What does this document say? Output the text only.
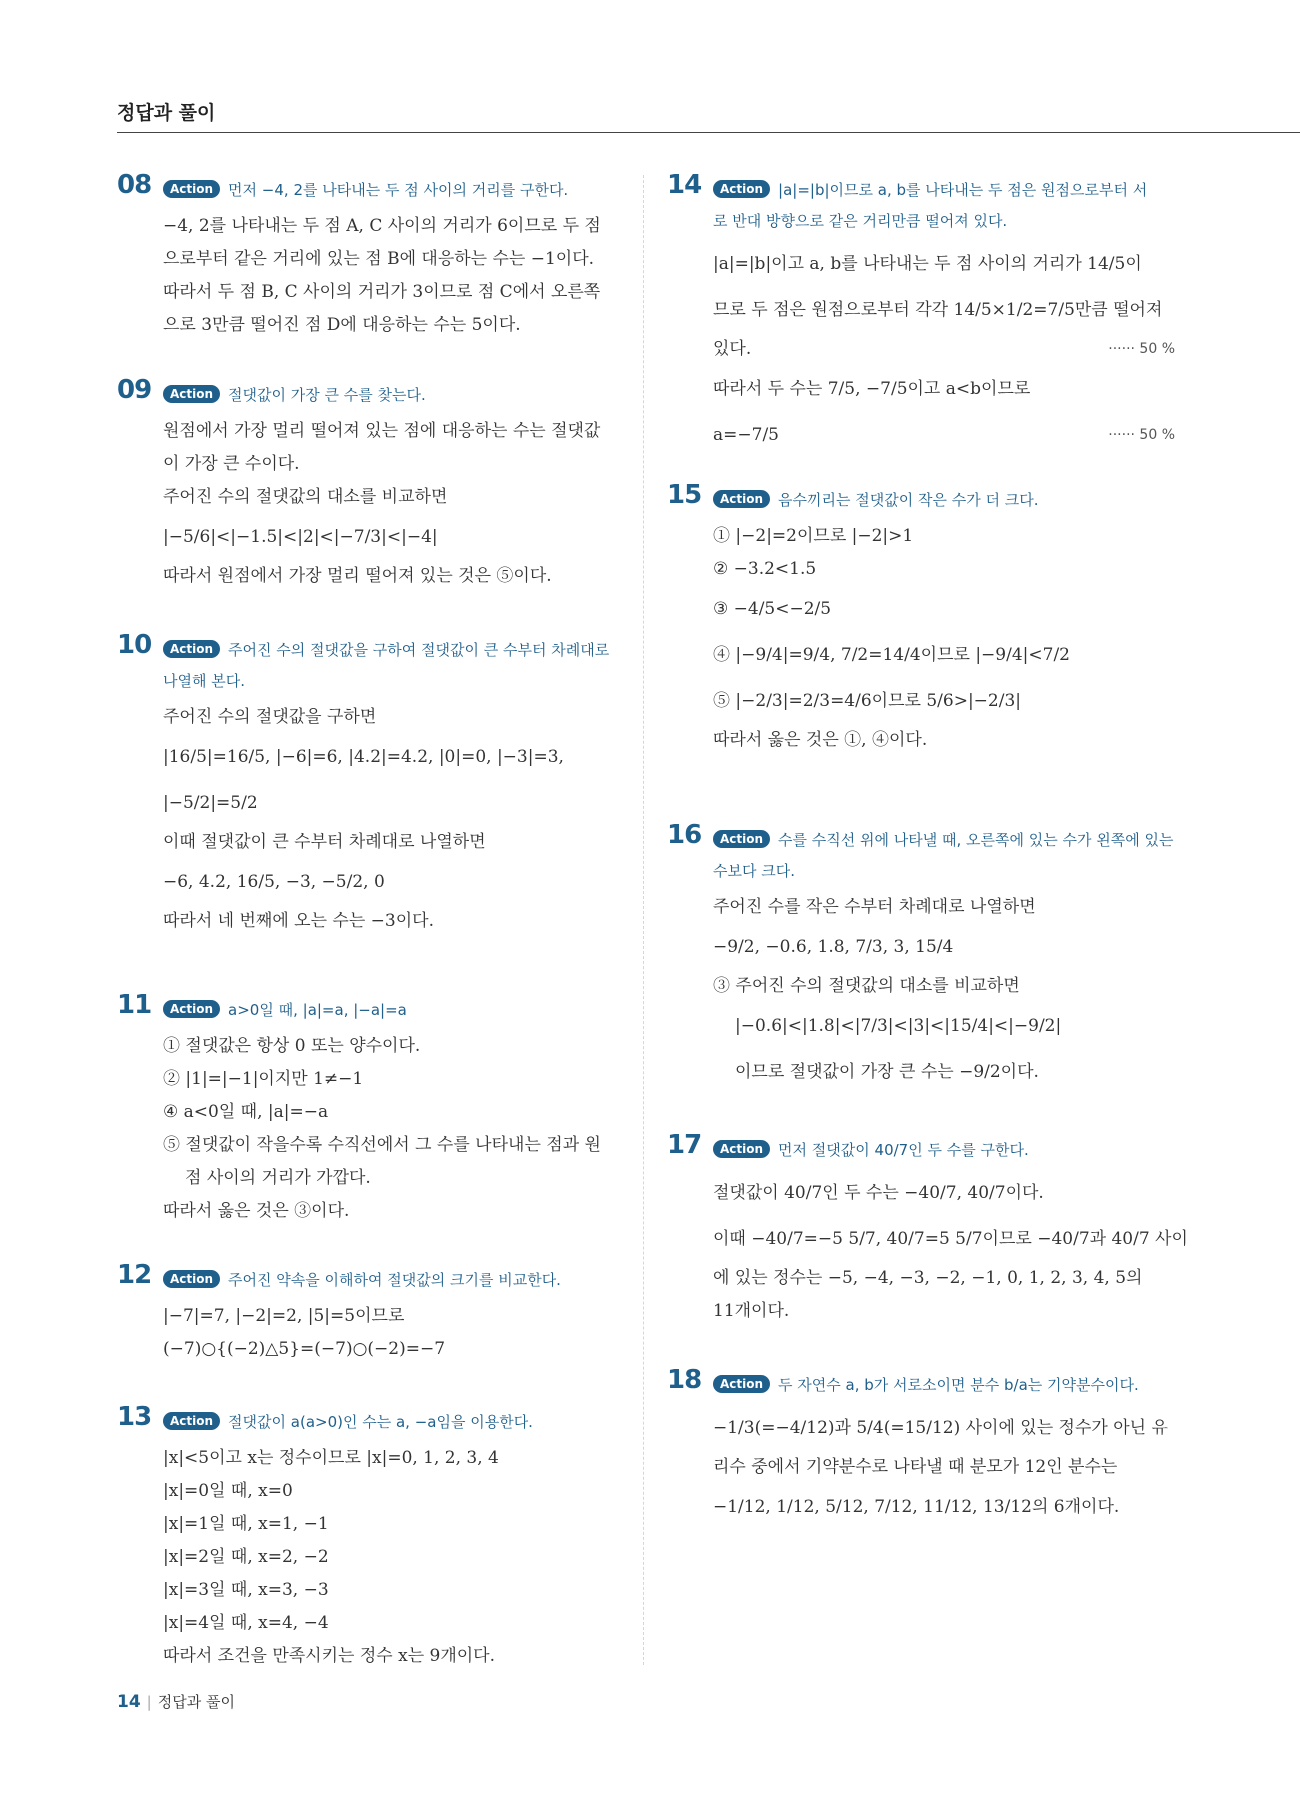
정답과 풀이
08	Action 먼저 −4, 2를 나타내는 두 점 사이의 거리를 구한다.
−4, 2를 나타내는 두 점 A, C 사이의 거리가 6이므로 두 점
으로부터 같은 거리에 있는 점 B에 대응하는 수는 −1이다.
따라서 두 점 B, C 사이의 거리가 3이므로 점 C에서 오른쪽
으로 3만큼 떨어진 점 D에 대응하는 수는 5이다.
09	Action 절댓값이 가장 큰 수를 찾는다.
원점에서 가장 멀리 떨어져 있는 점에 대응하는 수는 절댓값
이 가장 큰 수이다.
주어진 수의 절댓값의 대소를 비교하면
|−5/6|<|−1.5|<|2|<|−7/3|<|−4|
따라서 원점에서 가장 멀리 떨어져 있는 것은 ⑤이다.
10	Action 주어진 수의 절댓값을 구하여 절댓값이 큰 수부터 차례대로
나열해 본다.
주어진 수의 절댓값을 구하면
|16/5|=16/5, |−6|=6, |4.2|=4.2, |0|=0, |−3|=3,
|−5/2|=5/2
이때 절댓값이 큰 수부터 차례대로 나열하면
−6, 4.2, 16/5, −3, −5/2, 0
따라서 네 번째에 오는 수는 −3이다.
11	Action a>0일 때, |a|=a, |−a|=a
① 절댓값은 항상 0 또는 양수이다.
② |1|=|−1|이지만 1≠−1
④ a<0일 때, |a|=−a
⑤ 절댓값이 작을수록 수직선에서 그 수를 나타내는 점과 원
점 사이의 거리가 가깝다.
따라서 옳은 것은 ③이다.
12	Action 주어진 약속을 이해하여 절댓값의 크기를 비교한다.
|−7|=7, |−2|=2, |5|=5이므로
(−7)○{(−2)△5}=(−7)○(−2)=−7
13	Action 절댓값이 a(a>0)인 수는 a, −a임을 이용한다.
|x|<5이고 x는 정수이므로 |x|=0, 1, 2, 3, 4
|x|=0일 때, x=0
|x|=1일 때, x=1, −1
|x|=2일 때, x=2, −2
|x|=3일 때, x=3, −3
|x|=4일 때, x=4, −4
따라서 조건을 만족시키는 정수 x는 9개이다.
14	Action |a|=|b|이므로 a, b를 나타내는 두 점은 원점으로부터 서
로 반대 방향으로 같은 거리만큼 떨어져 있다.
|a|=|b|이고 a, b를 나타내는 두 점 사이의 거리가 14/5이
므로 두 점은 원점으로부터 각각 14/5×1/2=7/5만큼 떨어져
있다.	······ 50 %
따라서 두 수는 7/5, −7/5이고 a<b이므로
a=−7/5	······ 50 %
15	Action 음수끼리는 절댓값이 작은 수가 더 크다.
① |−2|=2이므로 |−2|>1
② −3.2<1.5
③ −4/5<−2/5
④ |−9/4|=9/4, 7/2=14/4이므로 |−9/4|<7/2
⑤ |−2/3|=2/3=4/6이므로 5/6>|−2/3|
따라서 옳은 것은 ①, ④이다.
16	Action 수를 수직선 위에 나타낼 때, 오른쪽에 있는 수가 왼쪽에 있는
수보다 크다.
주어진 수를 작은 수부터 차례대로 나열하면
−9/2, −0.6, 1.8, 7/3, 3, 15/4
③ 주어진 수의 절댓값의 대소를 비교하면
|−0.6|<|1.8|<|7/3|<|3|<|15/4|<|−9/2|
이므로 절댓값이 가장 큰 수는 −9/2이다.
17	Action 먼저 절댓값이 40/7인 두 수를 구한다.
절댓값이 40/7인 두 수는 −40/7, 40/7이다.
이때 −40/7=−5 5/7, 40/7=5 5/7이므로 −40/7과 40/7 사이
에 있는 정수는 −5, −4, −3, −2, −1, 0, 1, 2, 3, 4, 5의
11개이다.
18	Action 두 자연수 a, b가 서로소이면 분수 b/a는 기약분수이다.
−1/3(=−4/12)과 5/4(=15/12) 사이에 있는 정수가 아닌 유
리수 중에서 기약분수로 나타낼 때 분모가 12인 분수는
−1/12, 1/12, 5/12, 7/12, 11/12, 13/12의 6개이다.
14 | 정답과 풀이
